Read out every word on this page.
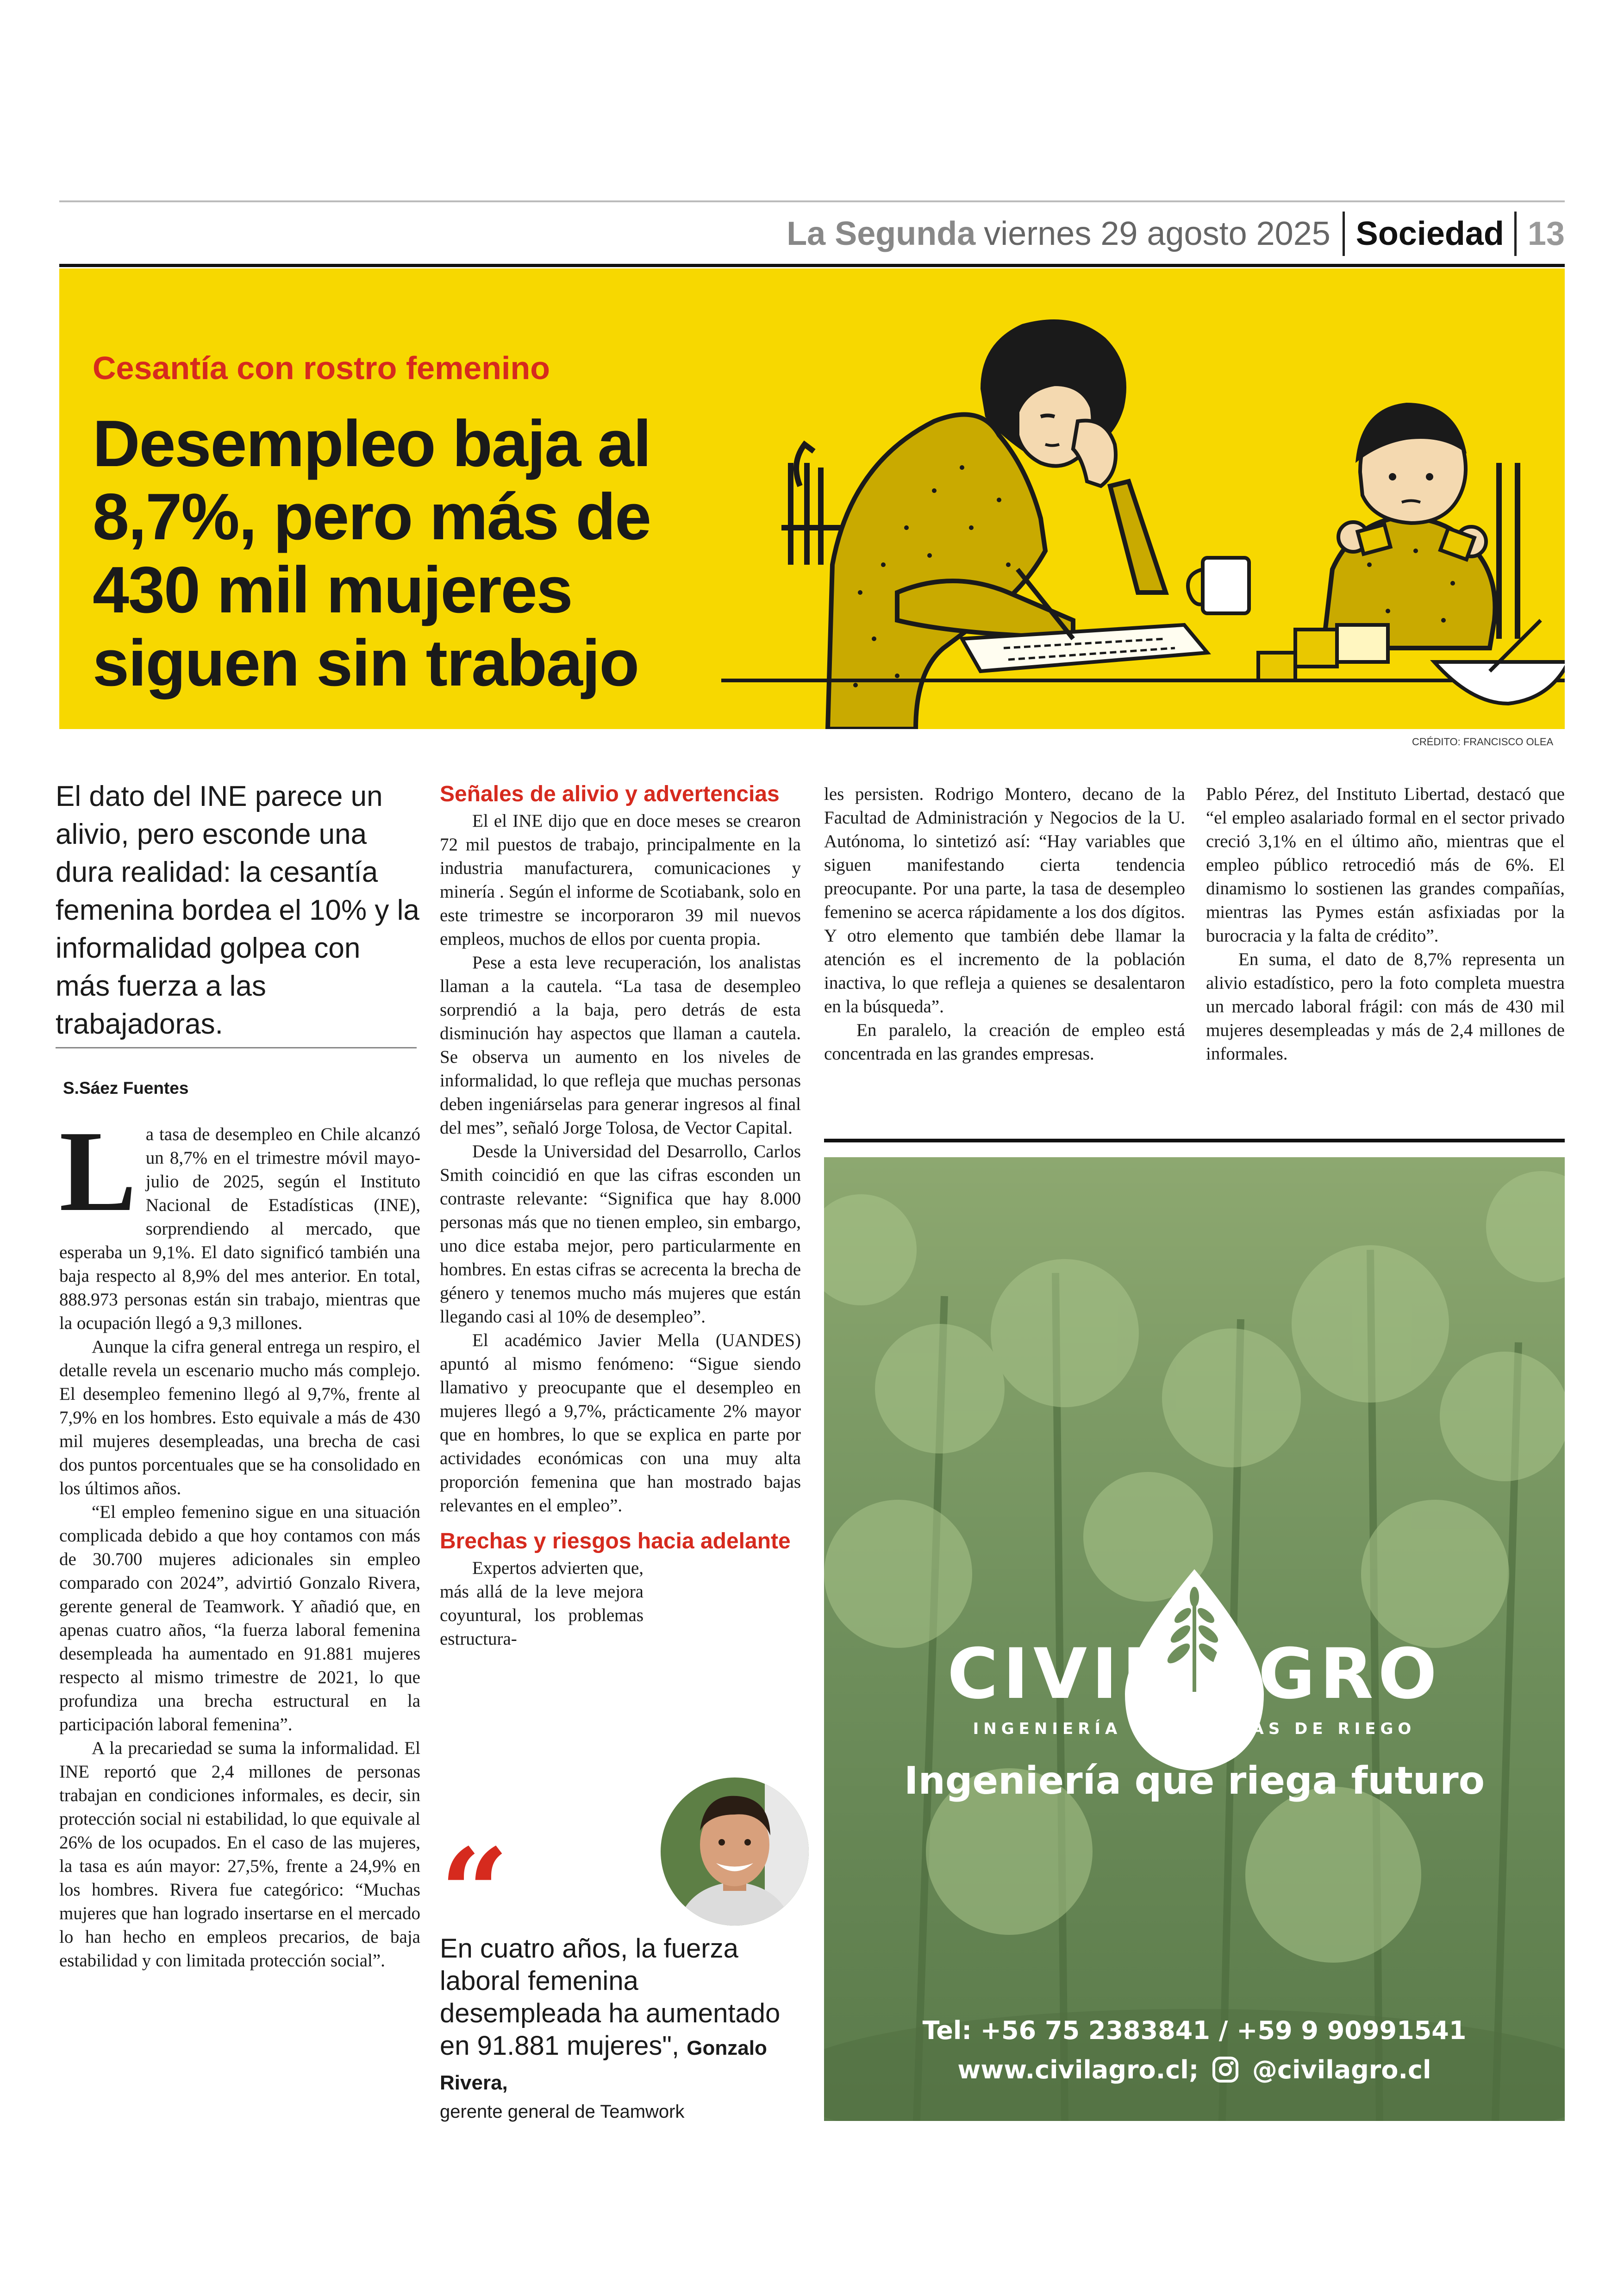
La Segunda viernes 29 agosto 2025 Sociedad 13
Cesantía con rostro femenino
Desempleo baja al 8,7%, pero más de 430 mil mujeres siguen sin trabajo
CRÉDITO: FRANCISCO OLEA
El dato del INE parece un alivio, pero esconde una dura realidad: la cesantía femenina bordea el 10% y la informalidad golpea con más fuerza a las trabajadoras.
S.Sáez Fuentes
L a tasa de desempleo en Chile alcanzó un 8,7% en el trimestre móvil mayo-julio de 2025, según el Instituto Nacional de Estadísticas (INE), sorprendiendo al mercado, que esperaba un 9,1%. El dato significó también una baja respecto al 8,9% del mes anterior. En total, 888.973 personas están sin trabajo, mientras que la ocupación llegó a 9,3 millones.

Aunque la cifra general entrega un respiro, el detalle revela un escenario mucho más complejo. El desempleo femenino llegó al 9,7%, frente al 7,9% en los hombres. Esto equivale a más de 430 mil mujeres desempleadas, una brecha de casi dos puntos porcentuales que se ha consolidado en los últimos años.

“El empleo femenino sigue en una situación complicada debido a que hoy contamos con más de 30.700 mujeres adicionales sin empleo comparado con 2024”, advirtió Gonzalo Rivera, gerente general de Teamwork. Y añadió que, en apenas cuatro años, “la fuerza laboral femenina desempleada ha aumentado en 91.881 mujeres respecto al mismo trimestre de 2021, lo que profundiza una brecha estructural en la participación laboral femenina”.

A la precariedad se suma la informalidad. El INE reportó que 2,4 millones de personas trabajan en condiciones informales, es decir, sin protección social ni estabilidad, lo que equivale al 26% de los ocupados. En el caso de las mujeres, la tasa es aún mayor: 27,5%, frente a 24,9% en los hombres. Rivera fue categórico: “Muchas mujeres que han logrado insertarse en el mercado lo han hecho en empleos precarios, de baja estabilidad y con limitada protección social”.

Señales de alivio y advertencias

El el INE dijo que en doce meses se crearon 72 mil puestos de trabajo, principalmente en la industria manufacturera, comunicaciones y minería . Según el informe de Scotiabank, solo en este trimestre se incorporaron 39 mil nuevos empleos, muchos de ellos por cuenta propia.

Pese a esta leve recuperación, los analistas llaman a la cautela. “La tasa de desempleo sorprendió a la baja, pero detrás de esta disminución hay aspectos que llaman a cautela. Se observa un aumento en los niveles de informalidad, lo que refleja que muchas personas deben ingeniárselas para generar ingresos al final del mes”, señaló Jorge Tolosa, de Vector Capital.

Desde la Universidad del Desarrollo, Carlos Smith coincidió en que las cifras esconden un contraste relevante: “Significa que hay 8.000 personas más que no tienen empleo, sin embargo, uno dice estaba mejor, pero particularmente en hombres. En estas cifras se acrecenta la brecha de género y tenemos mucho más mujeres que están llegando casi al 10% de desempleo”.

El académico Javier Mella (UANDES) apuntó al mismo fenómeno: “Sigue siendo llamativo y preocupante que el desempleo en mujeres llegó a 9,7%, prácticamente 2% mayor que en hombres, lo que se explica en parte por actividades económicas con una muy alta proporción femenina que han mostrado bajas relevantes en el empleo”.

Brechas y riesgos hacia adelante

Expertos advierten que, más allá de la leve mejora coyuntural, los problemas estructura-

“
En cuatro años, la fuerza laboral femenina desempleada ha aumentado en 91.881 mujeres", Gonzalo Rivera,
gerente general de Teamwork

les persisten. Rodrigo Montero, decano de la Facultad de Administración y Negocios de la U. Autónoma, lo sintetizó así: “Hay variables que siguen manifestando cierta tendencia preocupante. Por una parte, la tasa de desempleo femenino se acerca rápidamente a los dos dígitos. Y otro elemento que también debe llamar la atención es el incremento de la población inactiva, lo que refleja a quienes se desalentaron en la búsqueda”.

En paralelo, la creación de empleo está concentrada en las grandes empresas.

Pablo Pérez, del Instituto Libertad, destacó que “el empleo asalariado formal en el sector privado creció 3,1% en el último año, mientras que el empleo público retrocedió más de 6%. El dinamismo lo sostienen las grandes compañías, mientras las Pymes están asfixiadas por la burocracia y la falta de crédito”.

En suma, el dato de 8,7% representa un alivio estadístico, pero la foto completa muestra un mercado laboral frágil: con más de 430 mil mujeres desempleadas y más de 2,4 millones de informales.

CIVIL AGRO
INGENIERÍA Y SISTEMAS DE RIEGO
Ingeniería que riega futuro
Tel: +56 75 2383841 / +59 9 90991541
www.civilagro.cl; @civilagro.cl
